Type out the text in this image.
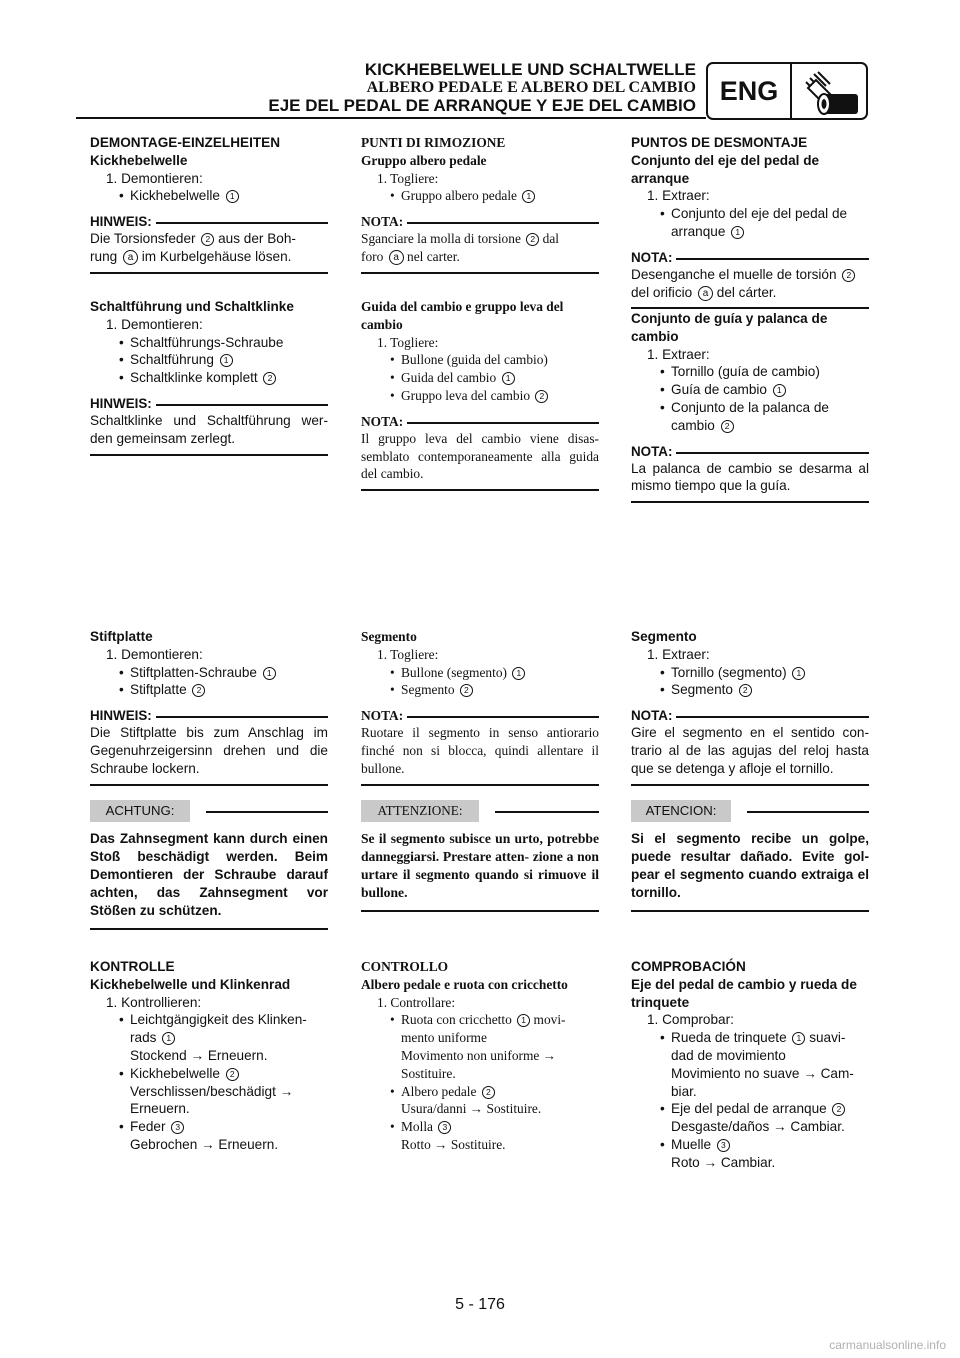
KICKHEBELWELLE UND SCHALTWELLE
ALBERO PEDALE E ALBERO DEL CAMBIO
EJE DEL PEDAL DE ARRANQUE Y EJE DEL CAMBIO ENG
DEMONTAGE-EINZELHEITEN
Kickhebelwelle
1. Demontieren:
• Kickhebelwelle 1
HINWEIS:
Die Torsionsfeder 2 aus der Boh-
rung a im Kurbelgehäuse lösen.
Schaltführung und Schaltklinke
1. Demontieren:
• Schaltführungs-Schraube
• Schaltführung 1
• Schaltklinke komplett 2
HINWEIS:
Schaltklinke und Schaltführung wer- den gemeinsam zerlegt.
Stiftplatte
1. Demontieren:
• Stiftplatten-Schraube 1
• Stiftplatte 2
HINWEIS:
Die Stiftplatte bis zum Anschlag im Gegenuhrzeigersinn drehen und die Schraube lockern.
ACHTUNG:
Das Zahnsegment kann durch einen Stoß beschädigt werden. Beim Demontieren der Schraube darauf achten, das Zahnsegment vor Stößen zu schützen.
KONTROLLE
Kickhebelwelle und Klinkenrad
1. Kontrollieren:
• Leichtgängigkeit des Klinken-
rads 1
Stockend → Erneuern.
• Kickhebelwelle 2
Verschlissen/beschädigt →
Erneuern.
• Feder 3
Gebrochen → Erneuern.
PUNTI DI RIMOZIONE
Gruppo albero pedale
1. Togliere:
• Gruppo albero pedale 1
NOTA:
Sganciare la molla di torsione 2 dal
foro a nel carter.
Guida del cambio e gruppo leva del cambio
1. Togliere:
• Bullone (guida del cambio)
• Guida del cambio 1
• Gruppo leva del cambio 2
NOTA:
Il gruppo leva del cambio viene disas- semblato contemporaneamente alla guida del cambio.
Segmento
1. Togliere:
• Bullone (segmento) 1
• Segmento 2
NOTA:
Ruotare il segmento in senso antiorario finché non si blocca, quindi allentare il bullone.
ATTENZIONE:
Se il segmento subisce un urto, potrebbe danneggiarsi. Prestare atten- zione a non urtare il segmento quando si rimuove il bullone.
CONTROLLO
Albero pedale e ruota con cricchetto
1. Controllare:
• Ruota con cricchetto 1 movi-
mento uniforme
Movimento non uniforme →
Sostituire.
• Albero pedale 2
Usura/danni → Sostituire.
• Molla 3
Rotto → Sostituire.
PUNTOS DE DESMONTAJE
Conjunto del eje del pedal de arranque
1. Extraer:
• Conjunto del eje del pedal de
arranque 1
NOTA:
Desenganche el muelle de torsión 2
del orificio a del cárter.
Conjunto de guía y palanca de cambio
1. Extraer:
• Tornillo (guía de cambio)
• Guía de cambio 1
• Conjunto de la palanca de
cambio 2
NOTA:
La palanca de cambio se desarma al mismo tiempo que la guía.
Segmento
1. Extraer:
• Tornillo (segmento) 1
• Segmento 2
NOTA:
Gire el segmento en el sentido con- trario al de las agujas del reloj hasta que se detenga y afloje el tornillo.
ATENCION:
Si el segmento recibe un golpe, puede resultar dañado. Evite gol- pear el segmento cuando extraiga el tornillo.
COMPROBACIÓN
Eje del pedal de cambio y rueda de trinquete
1. Comprobar:
• Rueda de trinquete 1 suavi-
dad de movimiento
Movimiento no suave → Cam-
biar.
• Eje del pedal de arranque 2
Desgaste/daños → Cambiar.
• Muelle 3
Roto → Cambiar.
5 - 176
carmanualsonline.info
